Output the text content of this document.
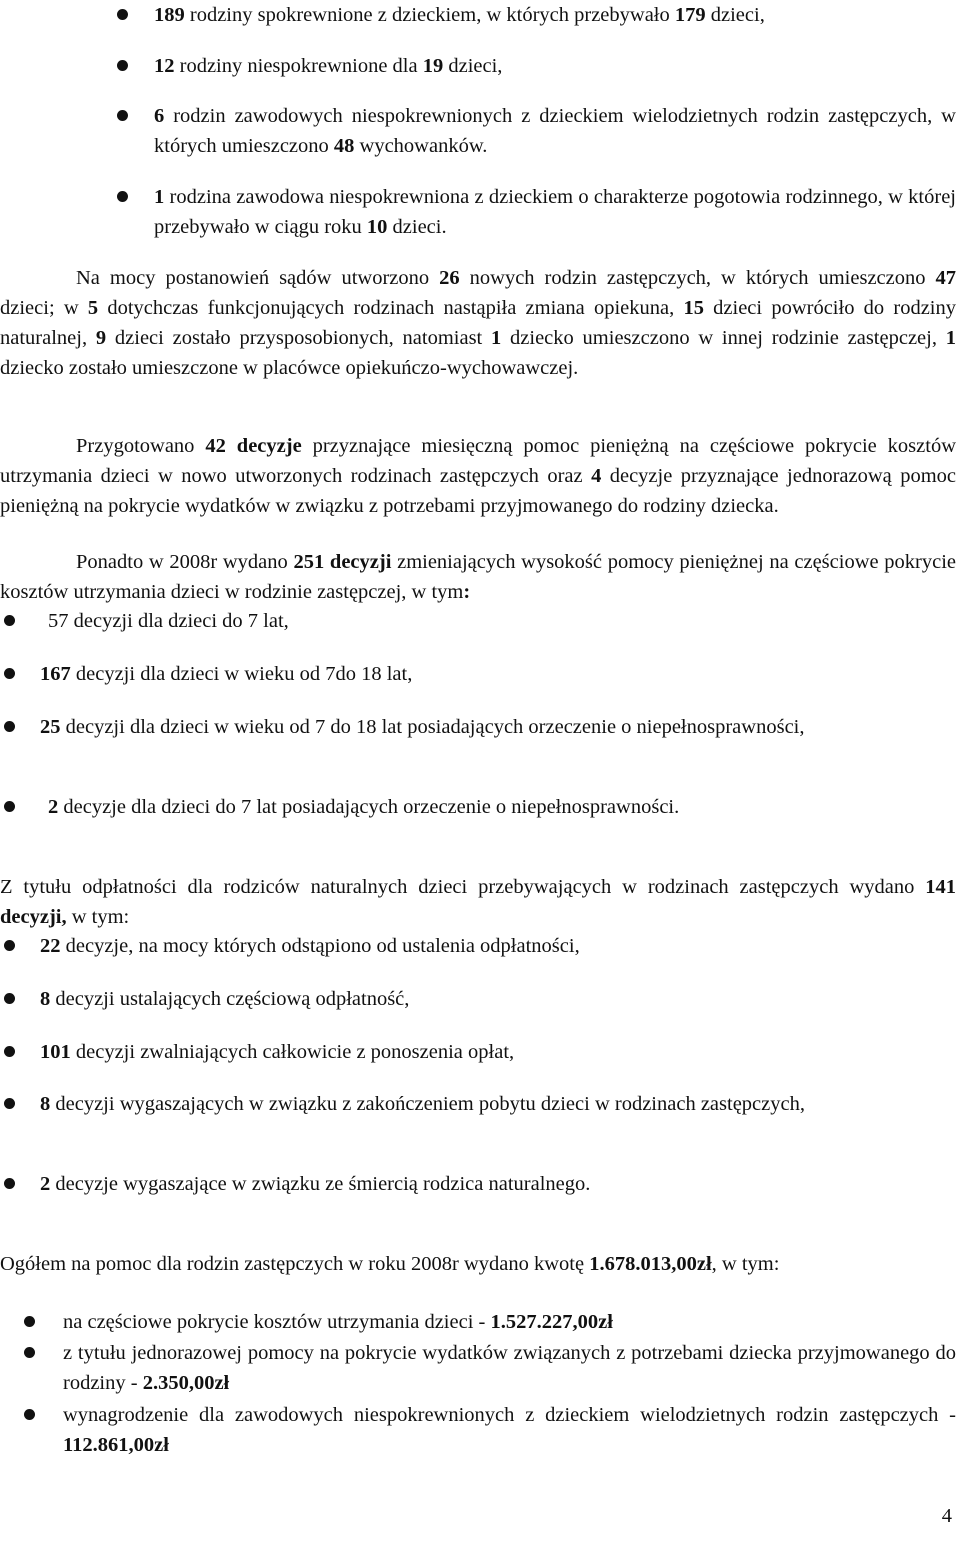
189 rodziny spokrewnione z dzieckiem, w których przebywało 179 dzieci,
12 rodziny niespokrewnione dla 19 dzieci,
6 rodzin zawodowych niespokrewnionych z dzieckiem wielodzietnych rodzin zastępczych, w których umieszczono 48 wychowanków.
1 rodzina zawodowa niespokrewniona z dzieckiem o charakterze pogotowia rodzinnego, w której przebywało w ciągu roku 10 dzieci.
Na mocy postanowień sądów utworzono 26 nowych rodzin zastępczych, w których umieszczono 47 dzieci; w 5 dotychczas funkcjonujących rodzinach nastąpiła zmiana opiekuna, 15 dzieci powróciło do rodziny naturalnej, 9 dzieci zostało przysposobionych, natomiast 1 dziecko umieszczono w innej rodzinie zastępczej, 1 dziecko zostało umieszczone w placówce opiekuńczo-wychowawczej.
Przygotowano 42 decyzje przyznające miesięczną pomoc pieniężną na częściowe pokrycie kosztów utrzymania dzieci w nowo utworzonych rodzinach zastępczych oraz 4 decyzje przyznające jednorazową pomoc pieniężną na pokrycie wydatków w związku z potrzebami przyjmowanego do rodziny dziecka.
Ponadto w 2008r wydano 251 decyzji zmieniających wysokość pomocy pieniężnej na częściowe pokrycie kosztów utrzymania dzieci w rodzinie zastępczej, w tym:
57 decyzji dla dzieci do 7 lat,
167 decyzji dla dzieci w wieku od 7do 18 lat,
25 decyzji dla dzieci w wieku od 7 do 18 lat posiadających orzeczenie o niepełnosprawności,
2 decyzje dla dzieci do 7 lat posiadających orzeczenie o niepełnosprawności.
Z tytułu odpłatności dla rodziców naturalnych dzieci przebywających w rodzinach zastępczych wydano 141 decyzji, w tym:
22 decyzje, na mocy których odstąpiono od ustalenia odpłatności,
8 decyzji ustalających częściową odpłatność,
101 decyzji zwalniających całkowicie z ponoszenia opłat,
8 decyzji wygaszających w związku z zakończeniem pobytu dzieci w rodzinach zastępczych,
2 decyzje wygaszające w związku ze śmiercią rodzica naturalnego.
Ogółem na pomoc dla rodzin zastępczych w roku 2008r wydano kwotę 1.678.013,00zł, w tym:
na częściowe pokrycie kosztów utrzymania dzieci - 1.527.227,00zł
z tytułu jednorazowej pomocy na pokrycie wydatków związanych z potrzebami dziecka przyjmowanego do rodziny - 2.350,00zł
wynagrodzenie dla zawodowych niespokrewnionych z dzieckiem wielodzietnych rodzin zastępczych - 112.861,00zł
4
